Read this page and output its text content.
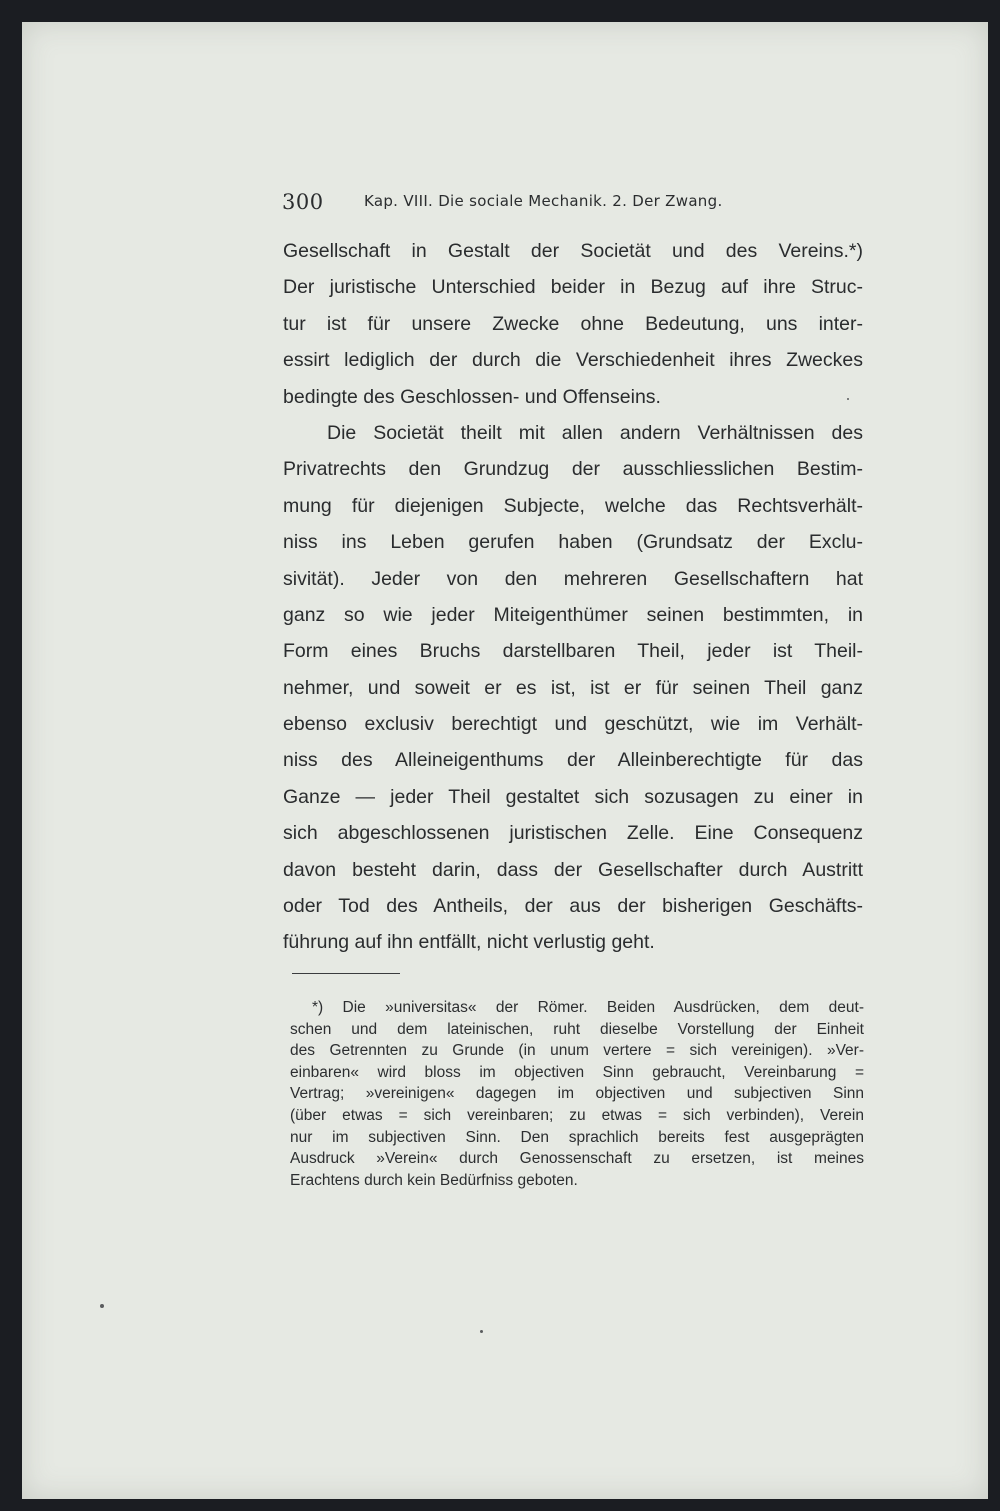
300	Kap. VIII. Die sociale Mechanik. 2. Der Zwang.
Gesellschaft in Gestalt der Societät und des Vereins.*)
Der juristische Unterschied beider in Bezug auf ihre Struc-
tur ist für unsere Zwecke ohne Bedeutung, uns inter-
essirt lediglich der durch die Verschiedenheit ihres Zweckes
bedingte des Geschlossen- und Offenseins.
Die Societät theilt mit allen andern Verhältnissen des
Privatrechts den Grundzug der ausschliesslichen Bestim-
mung für diejenigen Subjecte, welche das Rechtsverhält-
niss ins Leben gerufen haben (Grundsatz der Exclu-
sivität). Jeder von den mehreren Gesellschaftern hat
ganz so wie jeder Miteigenthümer seinen bestimmten, in
Form eines Bruchs darstellbaren Theil, jeder ist Theil-
nehmer, und soweit er es ist, ist er für seinen Theil ganz
ebenso exclusiv berechtigt und geschützt, wie im Verhält-
niss des Alleineigenthums der Alleinberechtigte für das
Ganze — jeder Theil gestaltet sich sozusagen zu einer in
sich abgeschlossenen juristischen Zelle. Eine Consequenz
davon besteht darin, dass der Gesellschafter durch Austritt
oder Tod des Antheils, der aus der bisherigen Geschäfts-
führung auf ihn entfällt, nicht verlustig geht.
*) Die »universitas« der Römer. Beiden Ausdrücken, dem deut-
schen und dem lateinischen, ruht dieselbe Vorstellung der Einheit
des Getrennten zu Grunde (in unum vertere = sich vereinigen). »Ver-
einbaren« wird bloss im objectiven Sinn gebraucht, Vereinbarung =
Vertrag; »vereinigen« dagegen im objectiven und subjectiven Sinn
(über etwas = sich vereinbaren; zu etwas = sich verbinden), Verein
nur im subjectiven Sinn. Den sprachlich bereits fest ausgeprägten
Ausdruck »Verein« durch Genossenschaft zu ersetzen, ist meines
Erachtens durch kein Bedürfniss geboten.
